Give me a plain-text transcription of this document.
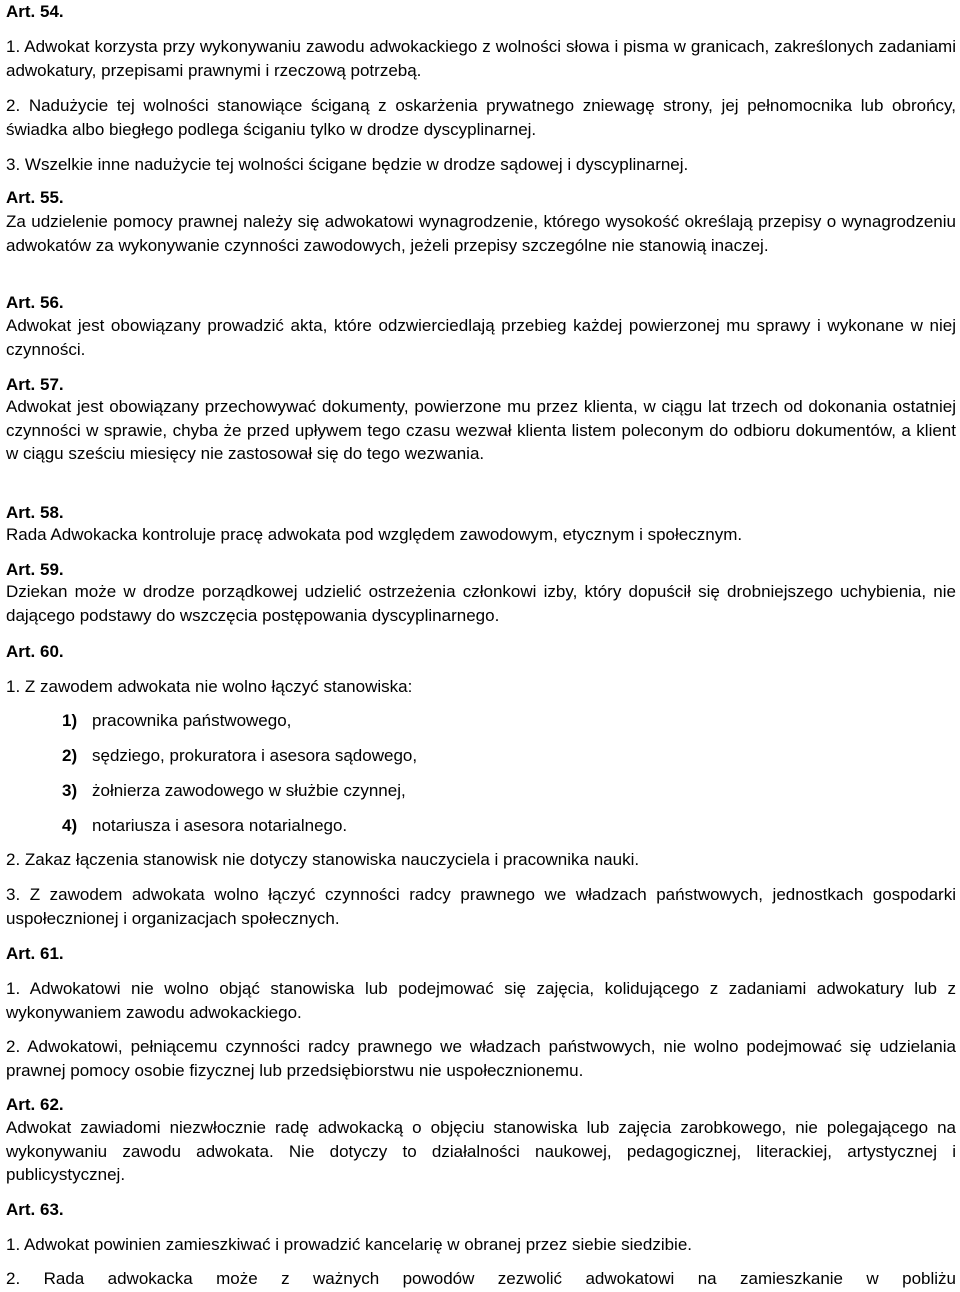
Art. 54.
1. Adwokat korzysta przy wykonywaniu zawodu adwokackiego z wolności słowa i pisma w granicach, zakreślonych zadaniami adwokatury, przepisami prawnymi i rzeczową potrzebą.
2. Nadużycie tej wolności stanowiące ściganą z oskarżenia prywatnego zniewagę strony, jej pełnomocnika lub obrońcy, świadka albo biegłego podlega ściganiu tylko w drodze dyscyplinarnej.
3. Wszelkie inne nadużycie tej wolności ścigane będzie w drodze sądowej i dyscyplinarnej.
Art. 55.
Za udzielenie pomocy prawnej należy się adwokatowi wynagrodzenie, którego wysokość określają przepisy o wynagrodzeniu adwokatów za wykonywanie czynności zawodowych, jeżeli przepisy szczególne nie stanowią inaczej.
Art. 56.
Adwokat jest obowiązany prowadzić akta, które odzwierciedlają przebieg każdej powierzonej mu sprawy i wykonane w niej czynności.
Art. 57.
Adwokat jest obowiązany przechowywać dokumenty, powierzone mu przez klienta, w ciągu lat trzech od dokonania ostatniej czynności w sprawie, chyba że przed upływem tego czasu wezwał klienta listem poleconym do odbioru dokumentów, a klient w ciągu sześciu miesięcy nie zastosował się do tego wezwania.
Art. 58.
Rada Adwokacka kontroluje pracę adwokata pod względem zawodowym, etycznym i społecznym.
Art. 59.
Dziekan może w drodze porządkowej udzielić ostrzeżenia członkowi izby, który dopuścił się drobniejszego uchybienia, nie dającego podstawy do wszczęcia postępowania dyscyplinarnego.
Art. 60.
1. Z zawodem adwokata nie wolno łączyć stanowiska:
1) pracownika państwowego,
2) sędziego, prokuratora i asesora sądowego,
3) żołnierza zawodowego w służbie czynnej,
4) notariusza i asesora notarialnego.
2. Zakaz łączenia stanowisk nie dotyczy stanowiska nauczyciela i pracownika nauki.
3. Z zawodem adwokata wolno łączyć czynności radcy prawnego we władzach państwowych, jednostkach gospodarki uspołecznionej i organizacjach społecznych.
Art. 61.
1. Adwokatowi nie wolno objąć stanowiska lub podejmować się zajęcia, kolidującego z zadaniami adwokatury lub z wykonywaniem zawodu adwokackiego.
2. Adwokatowi, pełniącemu czynności radcy prawnego we władzach państwowych, nie wolno podejmować się udzielania prawnej pomocy osobie fizycznej lub przedsiębiorstwu nie uspołecznionemu.
Art. 62.
Adwokat zawiadomi niezwłocznie radę adwokacką o objęciu stanowiska lub zajęcia zarobkowego, nie polegającego na wykonywaniu zawodu adwokata. Nie dotyczy to działalności naukowej, pedagogicznej, literackiej, artystycznej i publicystycznej.
Art. 63.
1. Adwokat powinien zamieszkiwać i prowadzić kancelarię w obranej przez siebie siedzibie.
2. Rada adwokacka może z ważnych powodów zezwolić adwokatowi na zamieszkanie w pobliżu
